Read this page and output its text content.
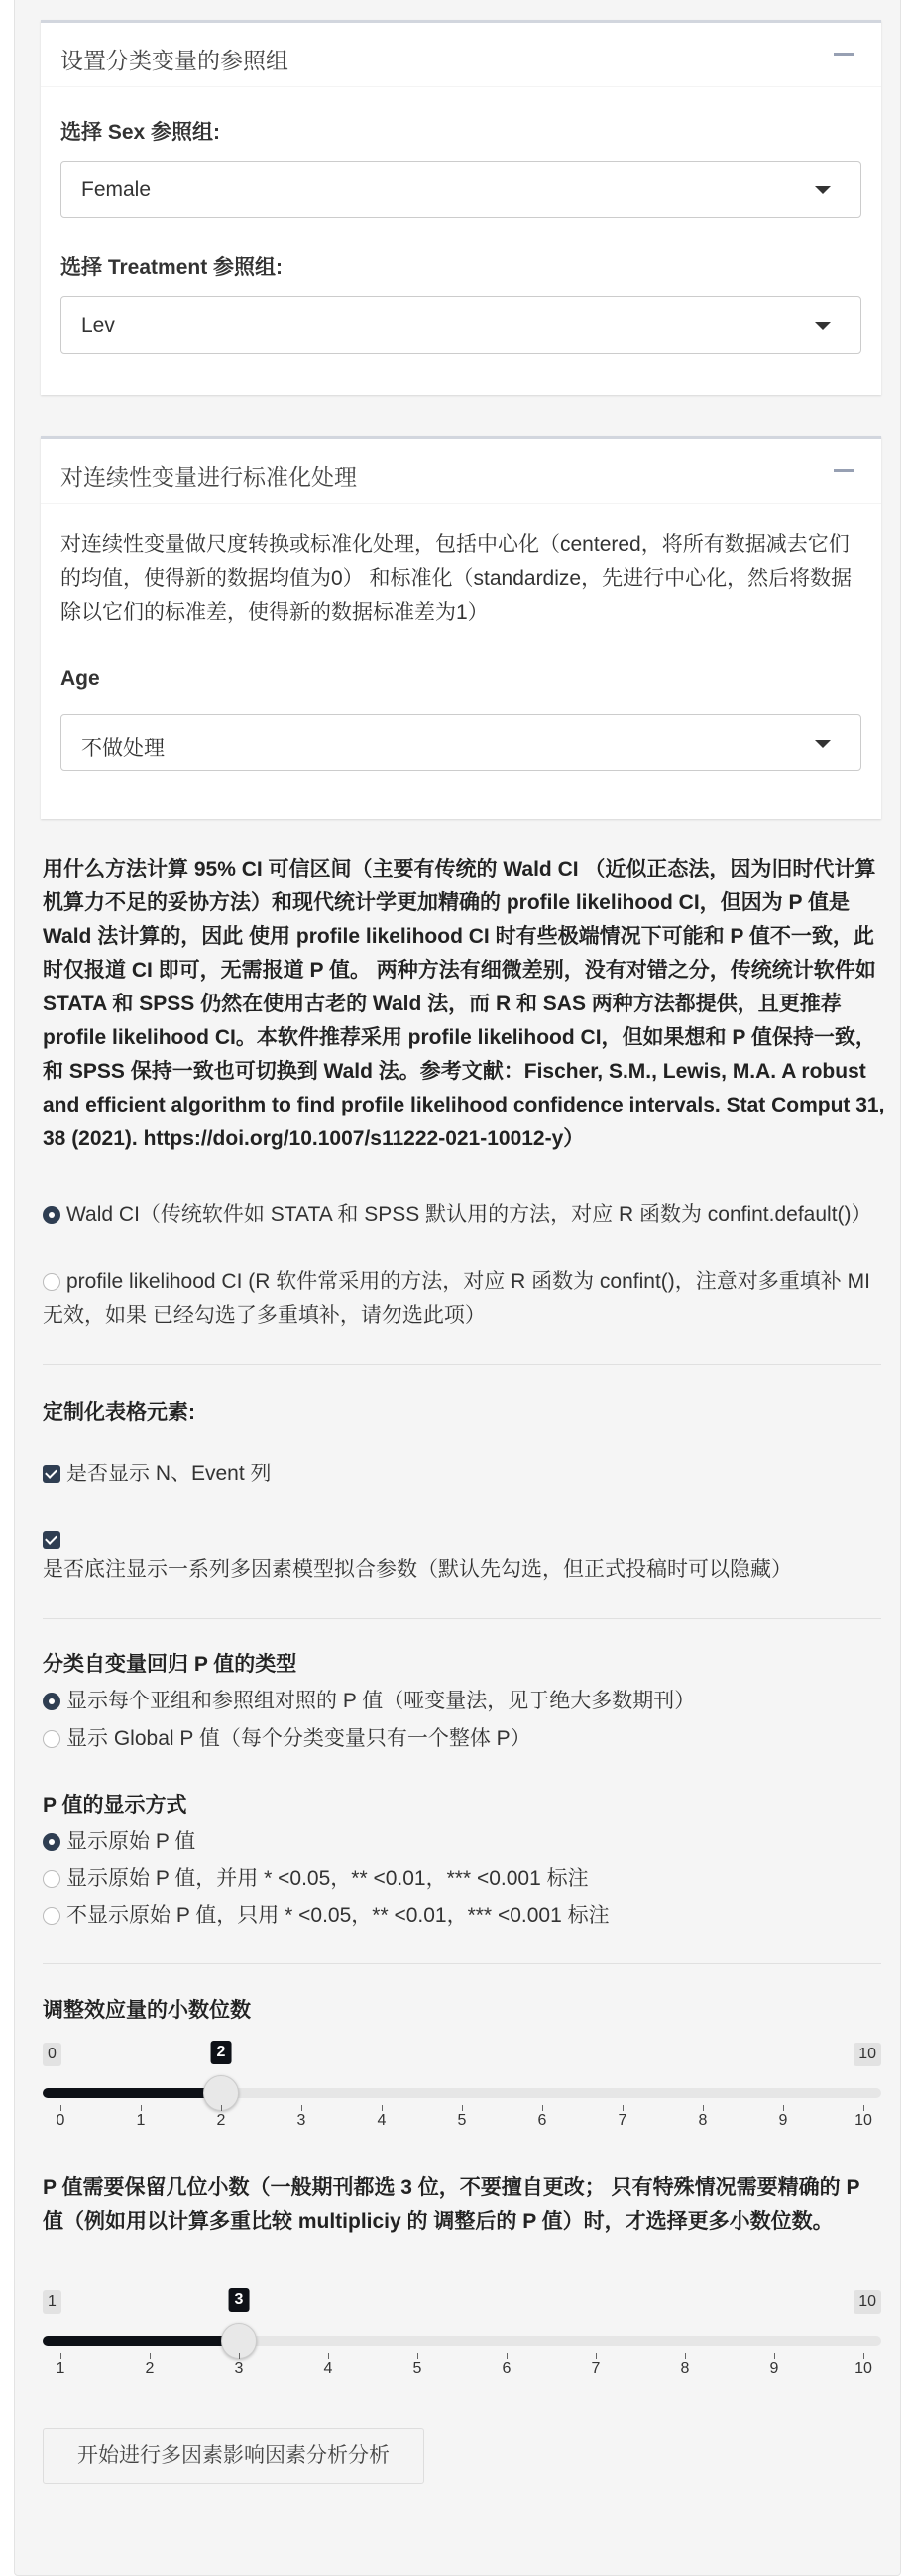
设置分类变量的参照组
选择 Sex 参照组:
Female
选择 Treatment 参照组:
Lev
对连续性变量进行标准化处理
对连续性变量做尺度转换或标准化处理，包括中心化（centered，将所有数据减去它们的均值，使得新的数据均值为0） 和标准化（standardize，先进行中心化，然后将数据除以它们的标准差，使得新的数据标准差为1）
Age
不做处理
用什么方法计算 95% CI 可信区间（主要有传统的 Wald CI （近似正态法，因为旧时代计算机算力不足的妥协方法）和现代统计学更加精确的 profile likelihood CI，但因为 P 值是 Wald 法计算的，因此 使用 profile likelihood CI 时有些极端情况下可能和 P 值不一致，此时仅报道 CI 即可，无需报道 P 值。 两种方法有细微差别，没有对错之分，传统统计软件如 STATA 和 SPSS 仍然在使用古老的 Wald 法，而 R 和 SAS 两种方法都提供，且更推荐 profile likelihood CI。本软件推荐采用 profile likelihood CI，但如果想和 P 值保持一致，和 SPSS 保持一致也可切换到 Wald 法。参考文献：Fischer, S.M., Lewis, M.A. A robust and efficient algorithm to find profile likelihood confidence intervals. Stat Comput 31, 38 (2021). https://doi.org/10.1007/s11222-021-10012-y）
Wald CI（传统软件如 STATA 和 SPSS 默认用的方法，对应 R 函数为 confint.default()）
profile likelihood CI (R 软件常采用的方法，对应 R 函数为 confint()，注意对多重填补 MI 无效，如果 已经勾选了多重填补，请勿选此项）
定制化表格元素:
是否显示 N、Event 列
是否底注显示一系列多因素模型拟合参数（默认先勾选，但正式投稿时可以隐藏）
分类自变量回归 P 值的类型
显示每个亚组和参照组对照的 P 值（哑变量法，见于绝大多数期刊）
显示 Global P 值（每个分类变量只有一个整体 P）
P 值的显示方式
显示原始 P 值
显示原始 P 值，并用 * <0.05，** <0.01，*** <0.001 标注
不显示原始 P 值，只用 * <0.05，** <0.01，*** <0.001 标注
调整效应量的小数位数
0	10
2
0	1	2	3	4	5	6	7	8	9	10
P 值需要保留几位小数（一般期刊都选 3 位，不要擅自更改； 只有特殊情况需要精确的 P 值（例如用以计算多重比较 multipliciy 的 调整后的 P 值）时，才选择更多小数位数。
1	10
3
1	2	3	4	5	6	7	8	9	10
开始进行多因素影响因素分析分析
